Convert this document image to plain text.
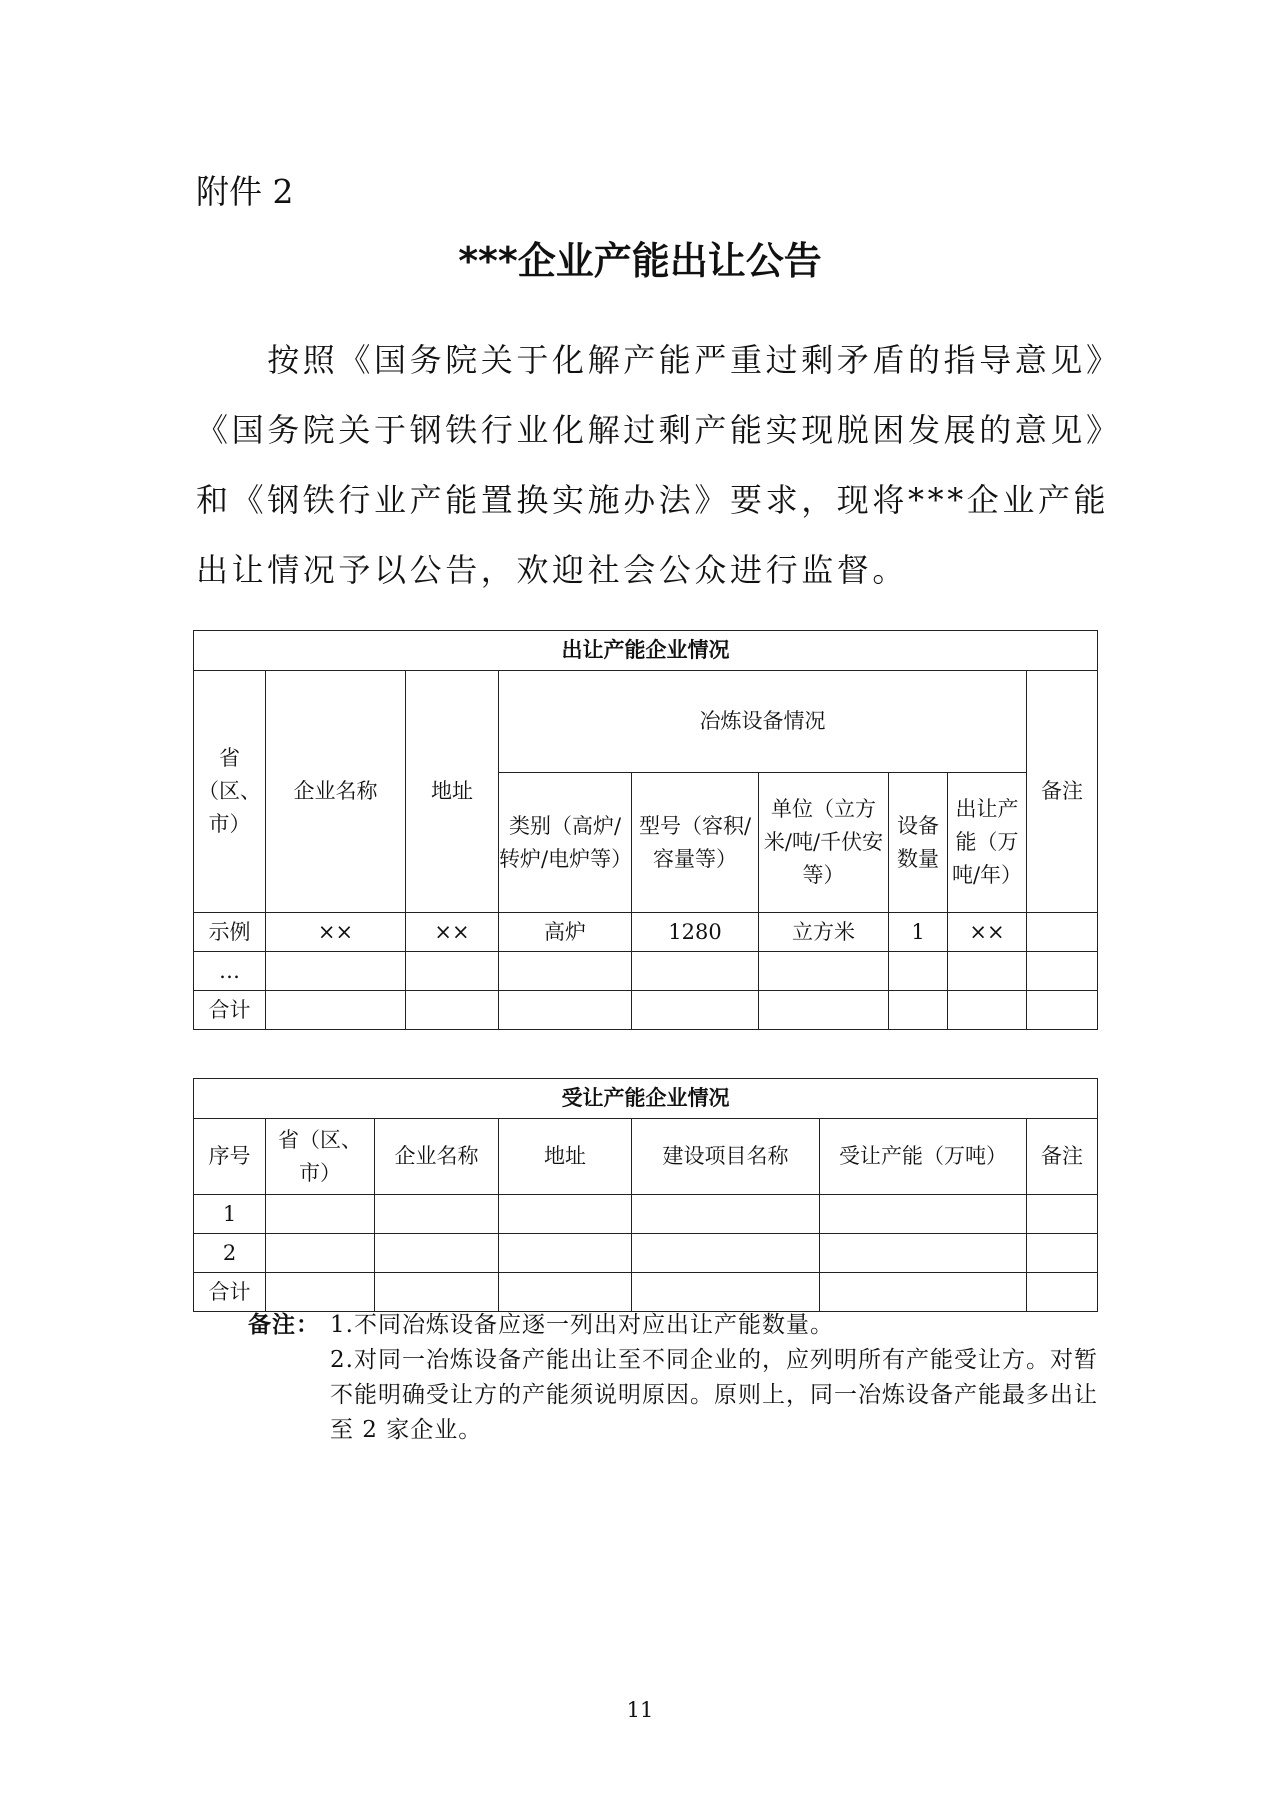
附件 2

***企业产能出让公告

　　按照《国务院关于化解产能严重过剩矛盾的指导意见》

《国务院关于钢铁行业化解过剩产能实现脱困发展的意见》

和《钢铁行业产能置换实施办法》要求，现将***企业产能

出让情况予以公告，欢迎社会公众进行监督。

出让产能企业情况								
省（区、市）	企业名称	地址	冶炼设备情况					备注
			类别（高炉/转炉/电炉等）	型号（容积/容量等）	单位（立方米/吨/千伏安等）	设备数量	出让产能（万吨/年）	
示例	××	××	高炉	1280	立方米	1	××	
…								
合计								
受让产能企业情况						
序号	省（区、市）	企业名称	地址	建设项目名称	受让产能（万吨）	备注
1						
2						
合计						
备注： 1.不同冶炼设备应逐一列出对应出让产能数量。
2.对同一冶炼设备产能出让至不同企业的，应列明所有产能受让方。对暂不能明确受让方的产能须说明原因。原则上，同一冶炼设备产能最多出让至 2 家企业。

11
